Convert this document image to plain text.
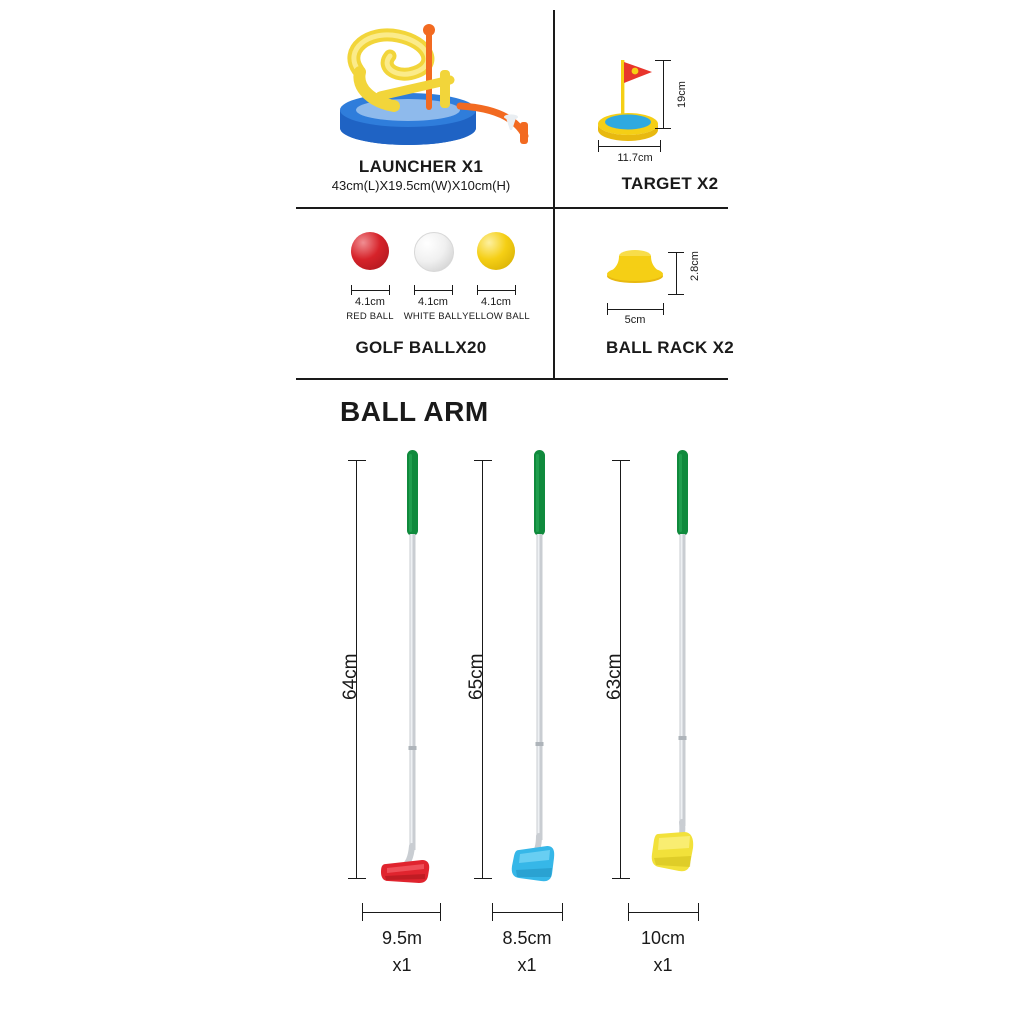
LAUNCHER X1
43cm(L)X19.5cm(W)X10cm(H)
19cm
11.7cm
TARGET X2
4.1cm
RED BALL
4.1cm
WHITE BALL
4.1cm
YELLOW BALL
GOLF BALLX20
2.8cm
5cm
BALL RACK X2
BALL ARM
64cm
9.5m
x1
65cm
8.5cm
x1
63cm
10cm
x1
